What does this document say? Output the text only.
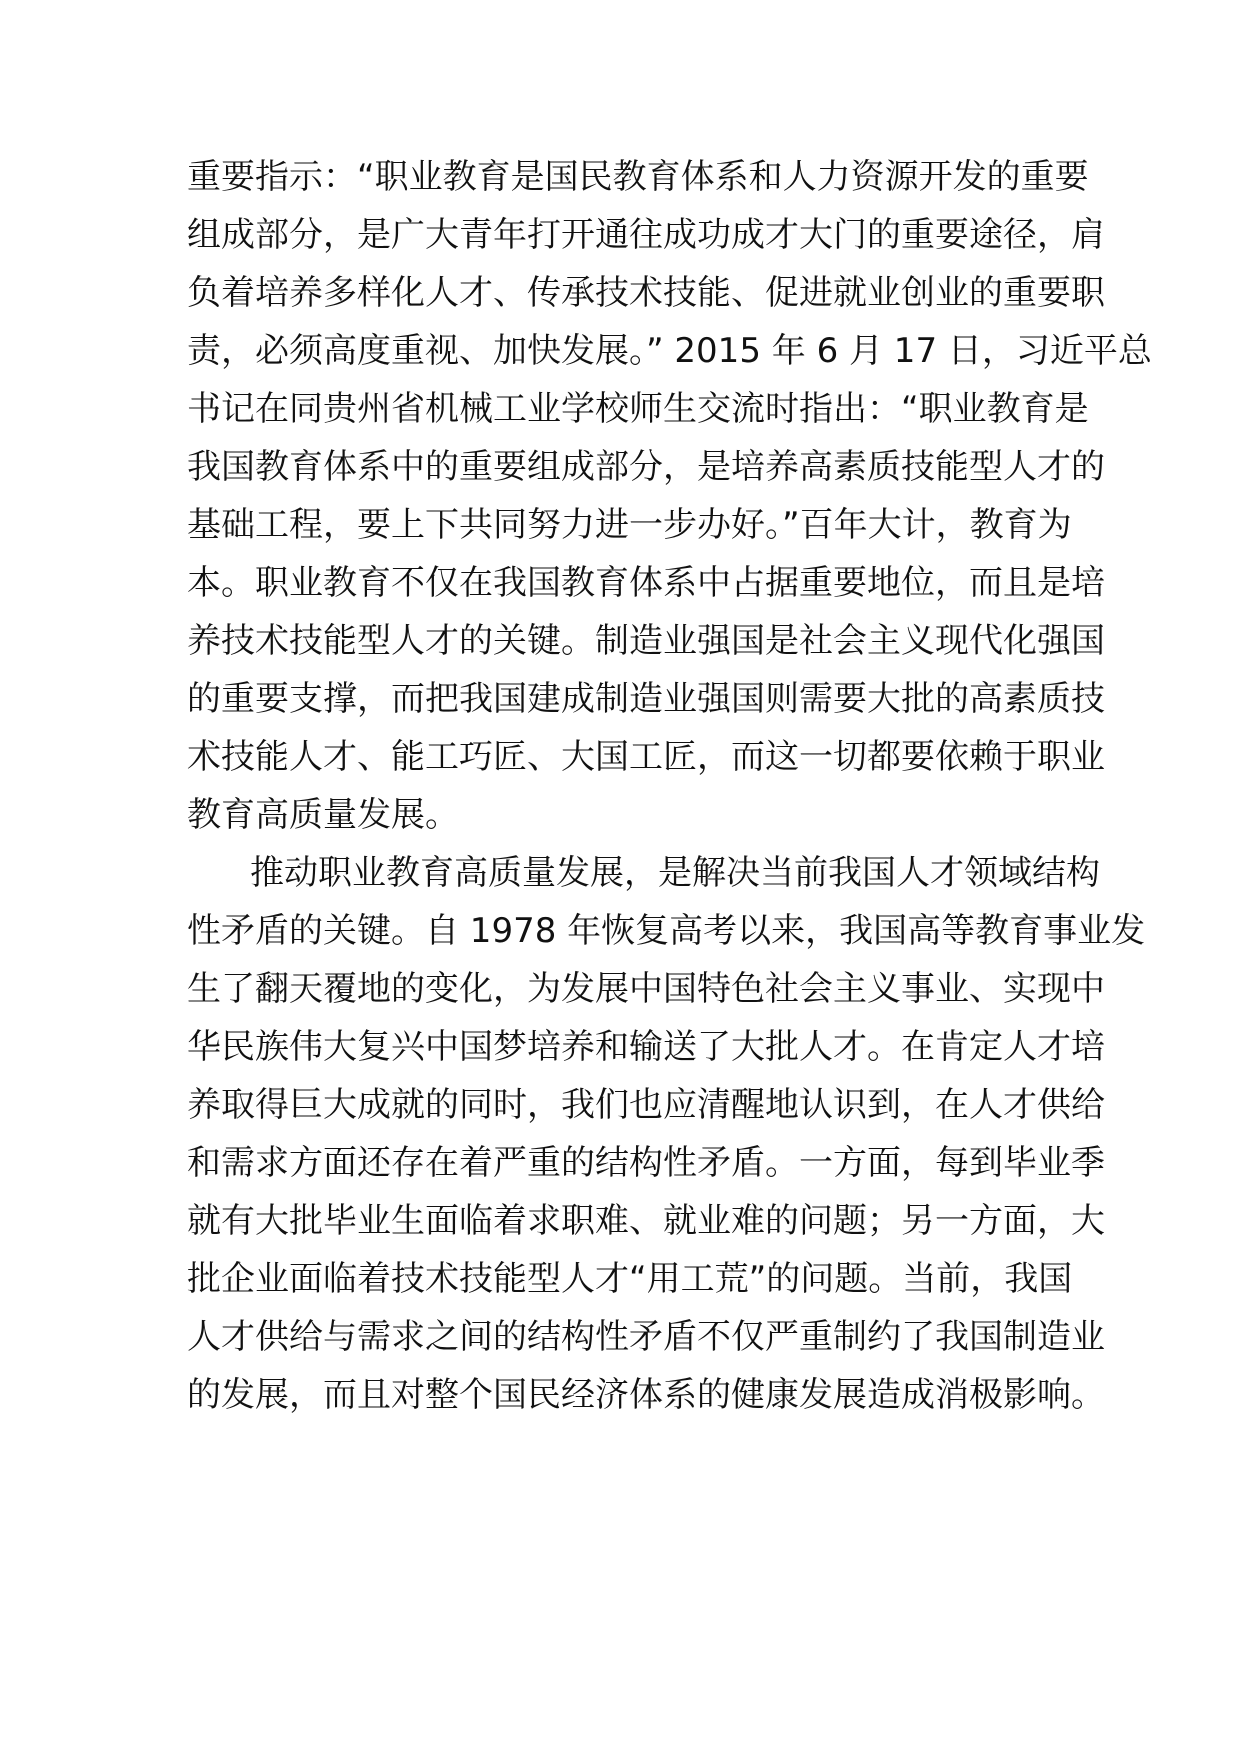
重要指示：“职业教育是国民教育体系和人力资源开发的重要
组成部分，是广大青年打开通往成功成才大门的重要途径，肩
负着培养多样化人才、传承技术技能、促进就业创业的重要职
责，必须高度重视、加快发展。” 2015 年 6 月 17 日，习近平总
书记在同贵州省机械工业学校师生交流时指出：“职业教育是
我国教育体系中的重要组成部分，是培养高素质技能型人才的
基础工程，要上下共同努力进一步办好。”百年大计，教育为
本。职业教育不仅在我国教育体系中占据重要地位，而且是培
养技术技能型人才的关键。制造业强国是社会主义现代化强国
的重要支撑，而把我国建成制造业强国则需要大批的高素质技
术技能人才、能工巧匠、大国工匠，而这一切都要依赖于职业
教育高质量发展。
推动职业教育高质量发展，是解决当前我国人才领域结构
性矛盾的关键。自 1978 年恢复高考以来，我国高等教育事业发
生了翻天覆地的变化，为发展中国特色社会主义事业、实现中
华民族伟大复兴中国梦培养和输送了大批人才。在肯定人才培
养取得巨大成就的同时，我们也应清醒地认识到，在人才供给
和需求方面还存在着严重的结构性矛盾。一方面，每到毕业季
就有大批毕业生面临着求职难、就业难的问题；另一方面，大
批企业面临着技术技能型人才“用工荒”的问题。当前，我国
人才供给与需求之间的结构性矛盾不仅严重制约了我国制造业
的发展，而且对整个国民经济体系的健康发展造成消极影响。
